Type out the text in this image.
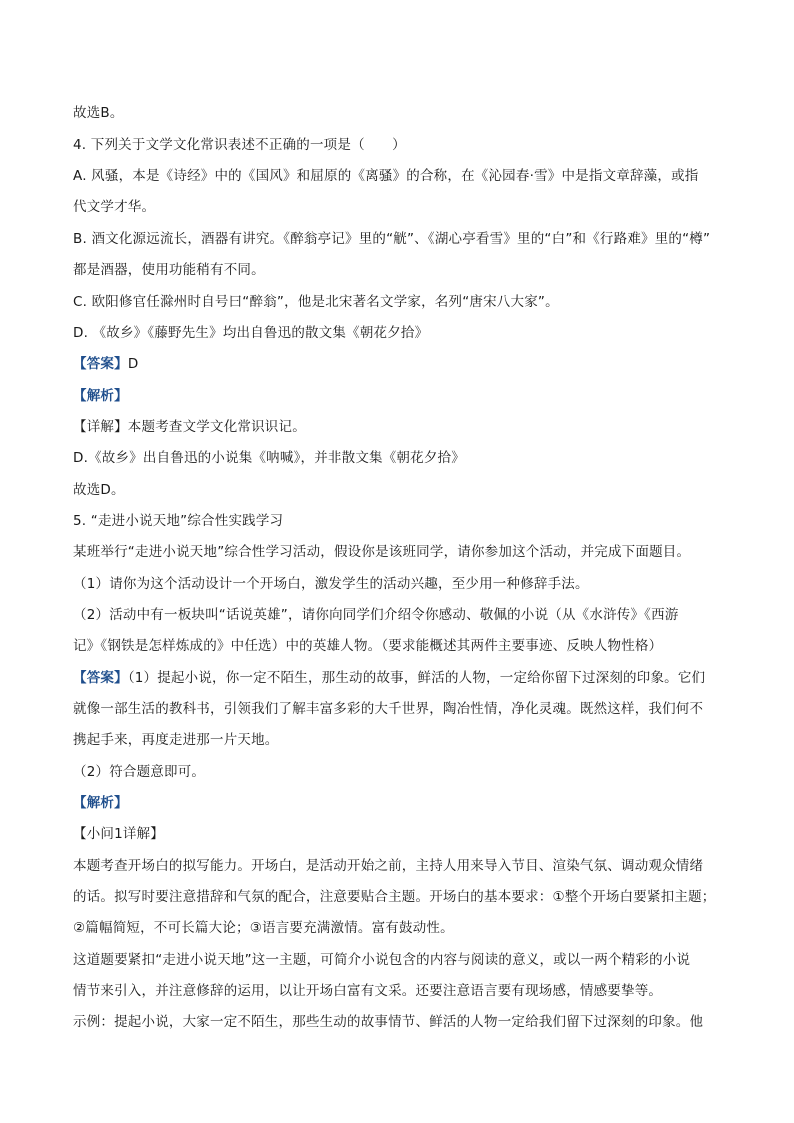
故选B。
4. 下列关于文学文化常识表述不正确的一项是（　　）
A. 风骚，本是《诗经》中的《国风》和屈原的《离骚》的合称，在《沁园春·雪》中是指文章辞藻，或指
代文学才华。
B. 酒文化源远流长，酒器有讲究。《醉翁亭记》里的“觥”、《湖心亭看雪》里的“白”和《行路难》里的“樽”
都是酒器，使用功能稍有不同。
C. 欧阳修官任滁州时自号曰“醉翁”，他是北宋著名文学家，名列“唐宋八大家”。
D. 《故乡》《藤野先生》均出自鲁迅的散文集《朝花夕拾》
【答案】D
【解析】
【详解】本题考查文学文化常识识记。
D.《故乡》出自鲁迅的小说集《呐喊》，并非散文集《朝花夕拾》
故选D。
5. “走进小说天地”综合性实践学习
某班举行“走进小说天地”综合性学习活动，假设你是该班同学，请你参加这个活动，并完成下面题目。
（1）请你为这个活动设计一个开场白，激发学生的活动兴趣，至少用一种修辞手法。
（2）活动中有一板块叫“话说英雄”，请你向同学们介绍令你感动、敬佩的小说（从《水浒传》《西游
记》《钢铁是怎样炼成的》中任选）中的英雄人物。（要求能概述其两件主要事迹、反映人物性格）
【答案】（1）提起小说，你一定不陌生，那生动的故事，鲜活的人物，一定给你留下过深刻的印象。它们
就像一部生活的教科书，引领我们了解丰富多彩的大千世界，陶冶性情，净化灵魂。既然这样，我们何不
携起手来，再度走进那一片天地。
（2）符合题意即可。
【解析】
【小问1详解】
本题考查开场白的拟写能力。开场白，是活动开始之前，主持人用来导入节目、渲染气氛、调动观众情绪
的话。拟写时要注意措辞和气氛的配合，注意要贴合主题。开场白的基本要求：①整个开场白要紧扣主题；
②篇幅简短，不可长篇大论；③语言要充满激情。富有鼓动性。
这道题要紧扣“走进小说天地”这一主题，可简介小说包含的内容与阅读的意义，或以一两个精彩的小说
情节来引入，并注意修辞的运用，以让开场白富有文采。还要注意语言要有现场感，情感要挚等。
示例：提起小说，大家一定不陌生，那些生动的故事情节、鲜活的人物一定给我们留下过深刻的印象。他
